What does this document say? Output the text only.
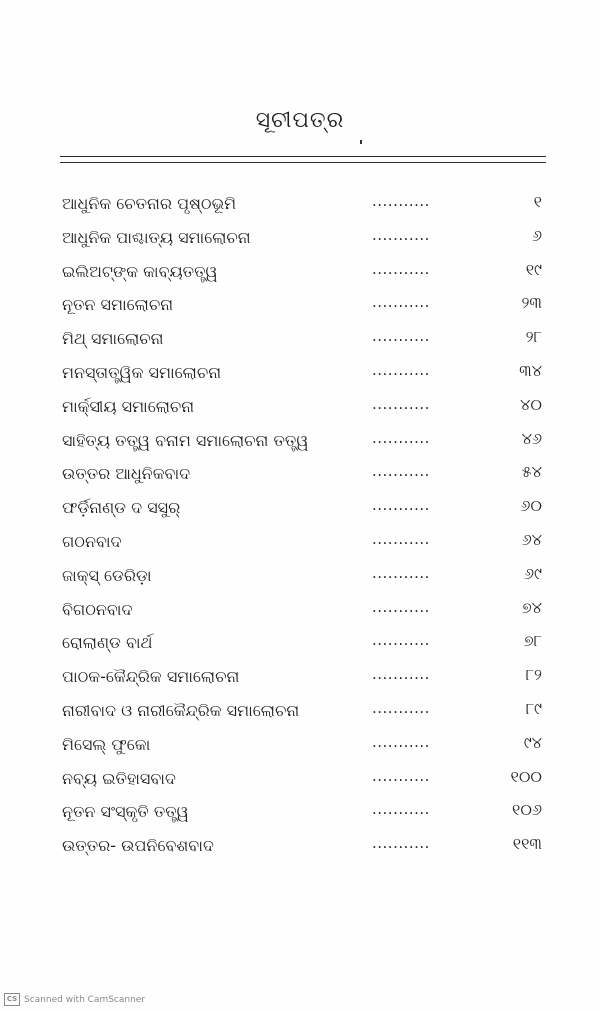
ସୂଚୀପତ୍ର
ଆଧୁନିକ ଚେତନାର ପୃଷ୍ଠଭୂମି	...........	୧
ଆଧୁନିକ ପାଶ୍ଚାତ୍ୟ ସମାଲୋଚନା	...........	୬
ଇଲିଅଟ୍‌ଙ୍କ କାବ୍ୟତତ୍ତ୍ୱ	...........	୧୯
ନୂତନ ସମାଲୋଚନା	...........	୨୩
ମିଥ୍ ସମାଲୋଚନା	...........	୨୮
ମନସ୍ତାତ୍ତ୍ୱିକ ସମାଲୋଚନା	...........	୩୪
ମାର୍କ୍ସୀୟ ସମାଲୋଚନା	...........	୪୦
ସାହିତ୍ୟ ତତ୍ତ୍ୱ ବନାମ ସମାଲୋଚନା ତତ୍ତ୍ୱ	...........	୪୬
ଉତ୍ତର ଆଧୁନିକବାଦ	...........	୫୪
ଫର୍ଡ଼ିନାଣ୍ଡ ଦ ସସୁର୍	...........	୬୦
ଗଠନବାଦ	...........	୬୪
ଜାକ୍‌ସ୍ ଡେରିଡ଼ା	...........	୬୯
ବିଗଠନବାଦ	...........	୭୪
ରୋଲାଣ୍ଡ ବାର୍ଥ	...........	୭୮
ପାଠକ-କୈନ୍ଦ୍ରିକ ସମାଲୋଚନା	...........	୮୨
ନାରୀବାଦ ଓ ନାରୀକୈନ୍ଦ୍ରିକ ସମାଲୋଚନା	...........	୮୯
ମିସେଲ୍ ଫୁକୋ	...........	୯୪
ନବ୍ୟ ଇତିହାସବାଦ	...........	୧୦୦
ନୂତନ ସଂସ୍କୃତି ତତ୍ତ୍ୱ	...........	୧୦୬
ଉତ୍ତର- ଉପନିବେଶବାଦ	...........	୧୧୩
CS Scanned with CamScanner
